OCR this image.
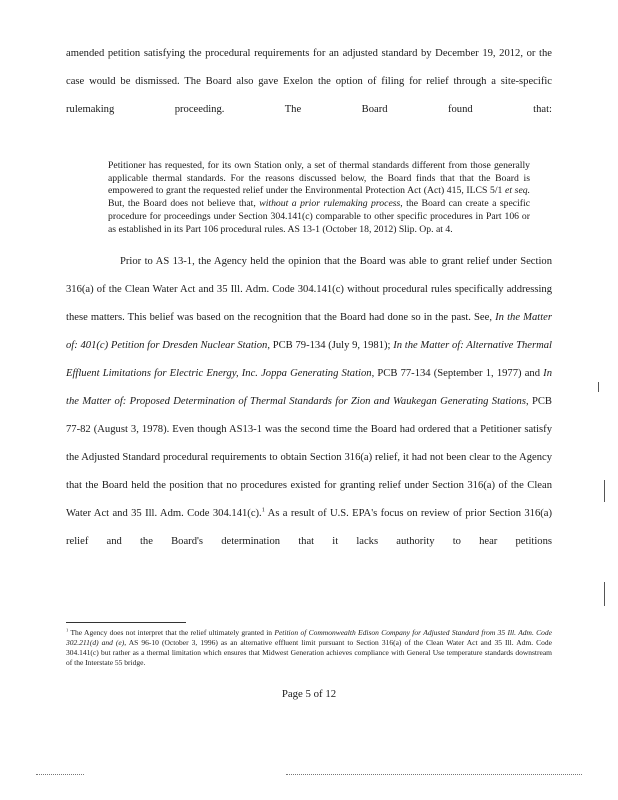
amended petition satisfying the procedural requirements for an adjusted standard by December 19, 2012, or the case would be dismissed. The Board also gave Exelon the option of filing for relief through a site-specific rulemaking proceeding. The Board found that:

Petitioner has requested, for its own Station only, a set of thermal standards different from those generally applicable thermal standards. For the reasons discussed below, the Board finds that that the Board is empowered to grant the requested relief under the Environmental Protection Act (Act) 415, ILCS 5/1 et seq. But, the Board does not believe that, without a prior rulemaking process, the Board can create a specific procedure for proceedings under Section 304.141(c) comparable to other specific procedures in Part 106 or as established in its Part 106 procedural rules. AS 13-1 (October 18, 2012) Slip. Op. at 4.

Prior to AS 13-1, the Agency held the opinion that the Board was able to grant relief under Section 316(a) of the Clean Water Act and 35 Ill. Adm. Code 304.141(c) without procedural rules specifically addressing these matters. This belief was based on the recognition that the Board had done so in the past. See, In the Matter of: 401(c) Petition for Dresden Nuclear Station, PCB 79-134 (July 9, 1981); In the Matter of: Alternative Thermal Effluent Limitations for Electric Energy, Inc. Joppa Generating Station, PCB 77-134 (September 1, 1977) and In the Matter of: Proposed Determination of Thermal Standards for Zion and Waukegan Generating Stations, PCB 77-82 (August 3, 1978). Even though AS13-1 was the second time the Board had ordered that a Petitioner satisfy the Adjusted Standard procedural requirements to obtain Section 316(a) relief, it had not been clear to the Agency that the Board held the position that no procedures existed for granting relief under Section 316(a) of the Clean Water Act and 35 Ill. Adm. Code 304.141(c).$^1$ As a result of U.S. EPA's focus on review of prior Section 316(a) relief and the Board's determination that it lacks authority to hear petitions

$^1$ The Agency does not interpret that the relief ultimately granted in Petition of Commonwealth Edison Company for Adjusted Standard from 35 Ill. Adm. Code 302.211(d) and (e), AS 96-10 (October 3, 1996) as an alternative effluent limit pursuant to Section 316(a) of the Clean Water Act and 35 Ill. Adm. Code 304.141(c) but rather as a thermal limitation which ensures that Midwest Generation achieves compliance with General Use temperature standards downstream of the Interstate 55 bridge.

Page 5 of 12
